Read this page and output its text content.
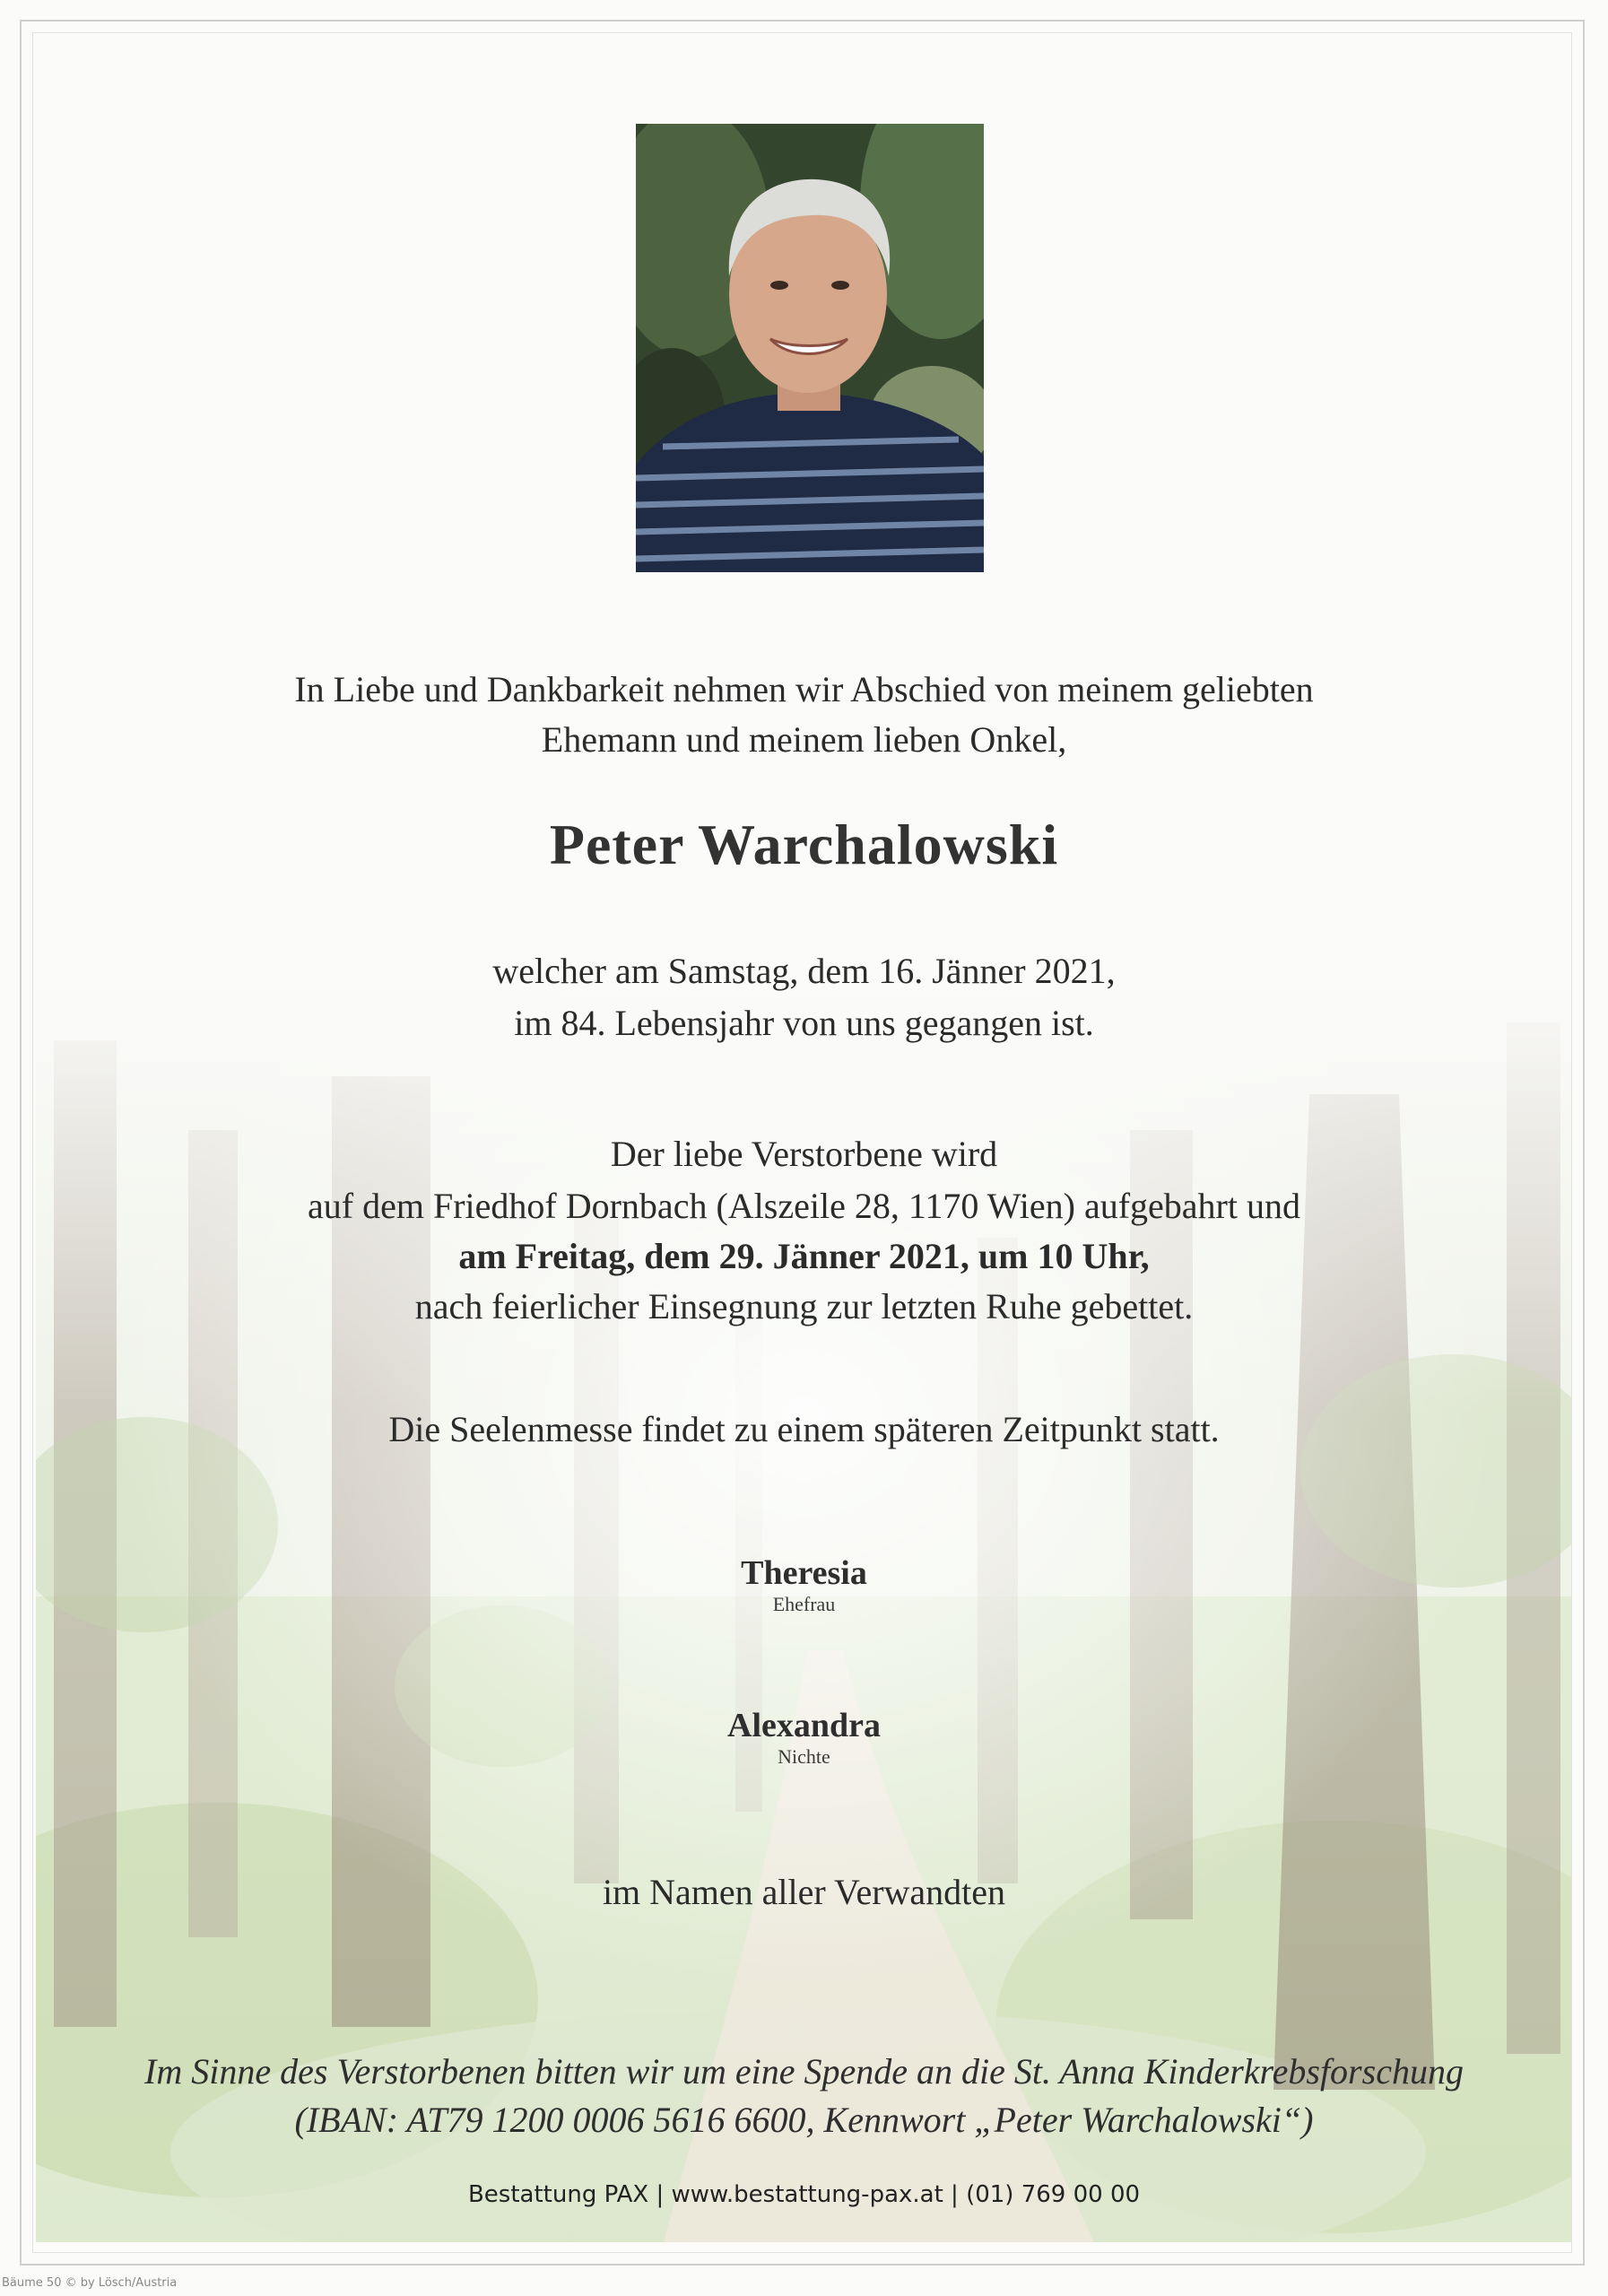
In Liebe und Dankbarkeit nehmen wir Abschied von meinem geliebten
Ehemann und meinem lieben Onkel,
Peter Warchalowski
welcher am Samstag, dem 16. Jänner 2021,
im 84. Lebensjahr von uns gegangen ist.
Der liebe Verstorbene wird
auf dem Friedhof Dornbach (Alszeile 28, 1170 Wien) aufgebahrt und
am Freitag, dem 29. Jänner 2021, um 10 Uhr,
nach feierlicher Einsegnung zur letzten Ruhe gebettet.
Die Seelenmesse findet zu einem späteren Zeitpunkt statt.
Theresia
Ehefrau
Alexandra
Nichte
im Namen aller Verwandten
Im Sinne des Verstorbenen bitten wir um eine Spende an die St. Anna Kinderkrebsforschung
(IBAN: AT79 1200 0006 5616 6600, Kennwort „Peter Warchalowski“)
Bestattung PAX | www.bestattung-pax.at | (01) 769 00 00
Bäume 50 © by Lösch/Austria
